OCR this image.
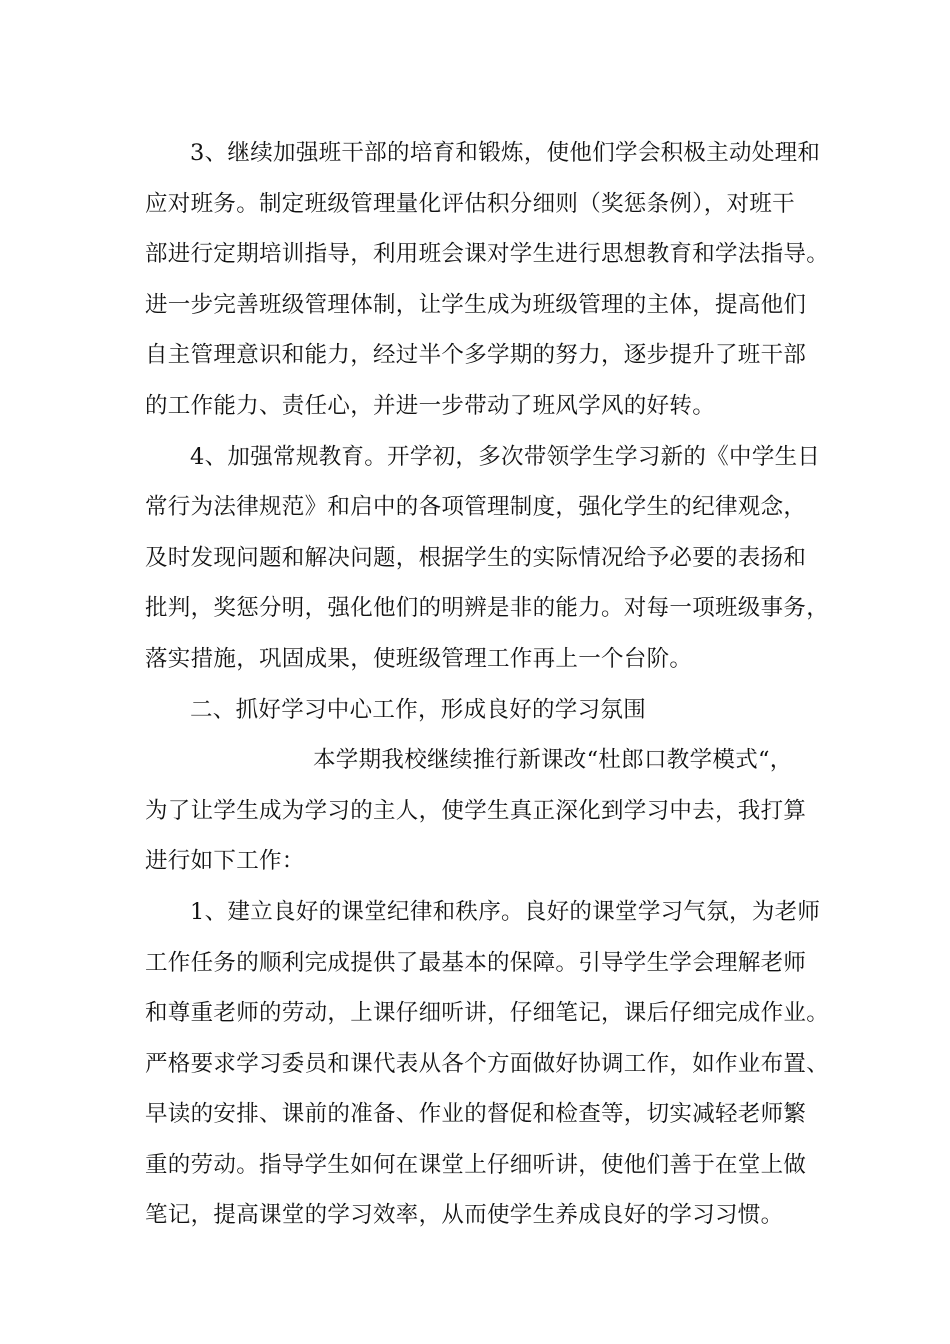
3、继续加强班干部的培育和锻炼，使他们学会积极主动处理和
应对班务。制定班级管理量化评估积分细则（奖惩条例），对班干
部进行定期培训指导，利用班会课对学生进行思想教育和学法指导。
进一步完善班级管理体制，让学生成为班级管理的主体，提高他们
自主管理意识和能力，经过半个多学期的努力，逐步提升了班干部
的工作能力、责任心，并进一步带动了班风学风的好转。
4、加强常规教育。开学初，多次带领学生学习新的《中学生日
常行为法律规范》和启中的各项管理制度，强化学生的纪律观念，
及时发现问题和解决问题，根据学生的实际情况给予必要的表扬和
批判，奖惩分明，强化他们的明辨是非的能力。对每一项班级事务，
落实措施，巩固成果，使班级管理工作再上一个台阶。
二、抓好学习中心工作，形成良好的学习氛围
本学期我校继续推行新课改“杜郎口教学模式“，
为了让学生成为学习的主人，使学生真正深化到学习中去，我打算
进行如下工作：
1、建立良好的课堂纪律和秩序。良好的课堂学习气氛，为老师
工作任务的顺利完成提供了最基本的保障。引导学生学会理解老师
和尊重老师的劳动，上课仔细听讲，仔细笔记，课后仔细完成作业。
严格要求学习委员和课代表从各个方面做好协调工作，如作业布置、
早读的安排、课前的准备、作业的督促和检查等，切实减轻老师繁
重的劳动。指导学生如何在课堂上仔细听讲，使他们善于在堂上做
笔记，提高课堂的学习效率，从而使学生养成良好的学习习惯。
